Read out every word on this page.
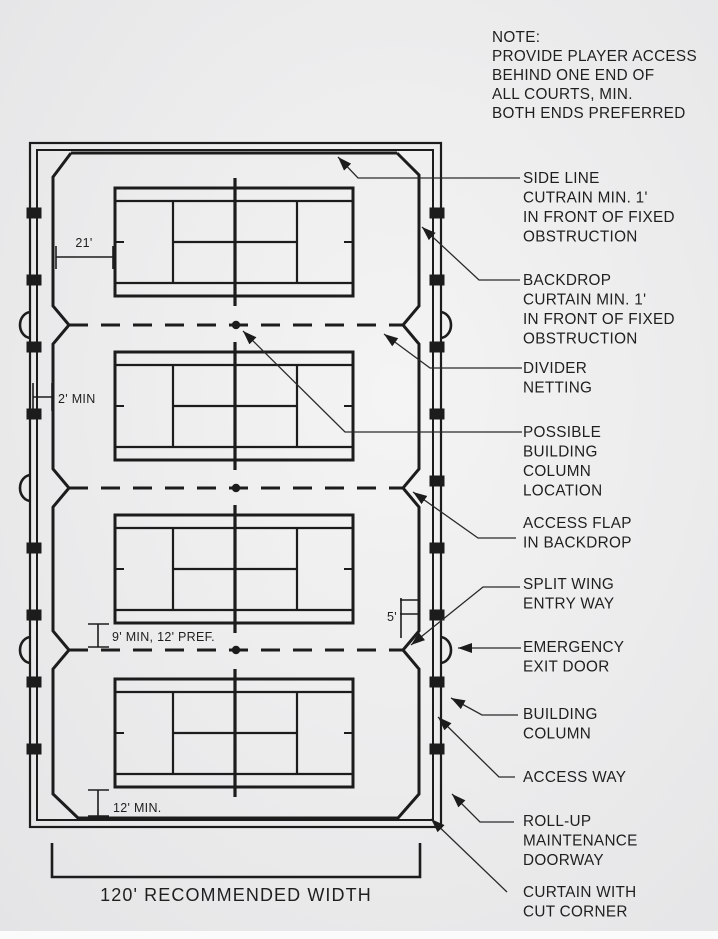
NOTE:
PROVIDE PLAYER ACCESS
BEHIND ONE END OF
ALL COURTS, MIN.
BOTH ENDS PREFERRED
SIDE LINE
CUTRAIN MIN. 1'
IN FRONT OF FIXED
OBSTRUCTION
BACKDROP
CURTAIN MIN. 1'
IN FRONT OF FIXED
OBSTRUCTION
DIVIDER
NETTING
POSSIBLE
BUILDING
COLUMN
LOCATION
ACCESS FLAP
IN BACKDROP
SPLIT WING
ENTRY WAY
EMERGENCY
EXIT DOOR
BUILDING
COLUMN
ACCESS WAY
ROLL-UP
MAINTENANCE
DOORWAY
CURTAIN WITH
CUT CORNER
21'
2' MIN
9' MIN, 12' PREF.
5'
12' MIN.
120' RECOMMENDED WIDTH
